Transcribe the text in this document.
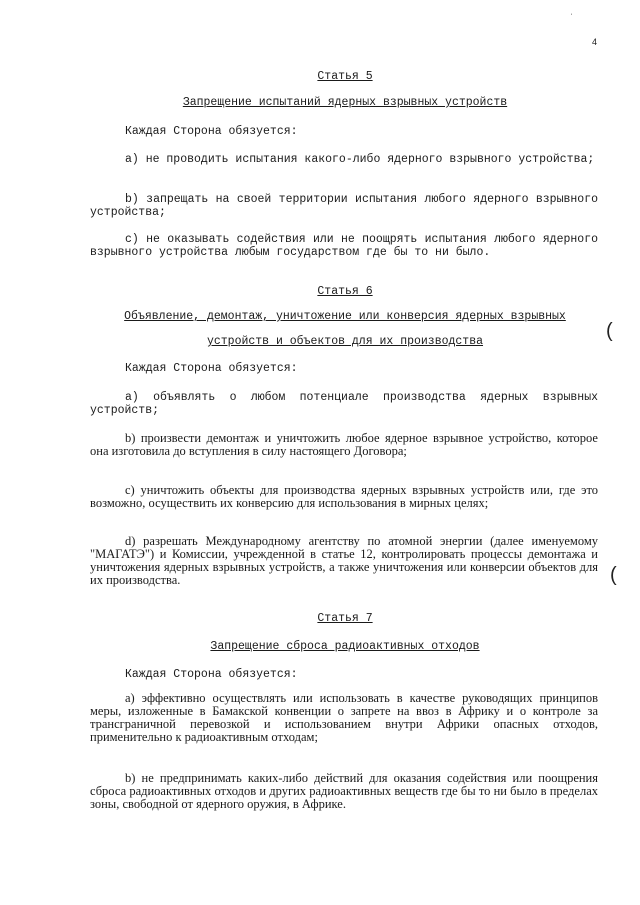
˙
4
Статья 5
Запрещение испытаний ядерных взрывных устройств
Каждая Сторона обязуется:
a) не проводить испытания какого-либо ядерного взрывного устройства;
b) запрещать на своей территории испытания любого ядерного взрывного устройства;
c) не оказывать содействия или не поощрять испытания любого ядерного взрывного устройства любым государством где бы то ни было.
Статья 6
Объявление, демонтаж, уничтожение или конверсия ядерных взрывных
устройств и объектов для их производства
Каждая Сторона обязуется:
a) объявлять о любом потенциале производства ядерных взрывных устройств;
b) произвести демонтаж и уничтожить любое ядерное взрывное устройство, которое она изготовила до вступления в силу настоящего Договора;
c) уничтожить объекты для производства ядерных взрывных устройств или, где это возможно, осуществить их конверсию для использования в мирных целях;
d) разрешать Международному агентству по атомной энергии (далее именуемому "МАГАТЭ") и Комиссии, учрежденной в статье 12, контролировать процессы демонтажа и уничтожения ядерных взрывных устройств, а также уничтожения или конверсии объектов для их производства.
Статья 7
Запрещение сброса радиоактивных отходов
Каждая Сторона обязуется:
a) эффективно осуществлять или использовать в качестве руководящих принципов меры, изложенные в Бамакской конвенции о запрете на ввоз в Африку и о контроле за трансграничной перевозкой и использованием внутри Африки опасных отходов, применительно к радиоактивным отходам;
b) не предпринимать каких-либо действий для оказания содействия или поощрения сброса радиоактивных отходов и других радиоактивных веществ где бы то ни было в пределах зоны, свободной от ядерного оружия, в Африке.
(
(
